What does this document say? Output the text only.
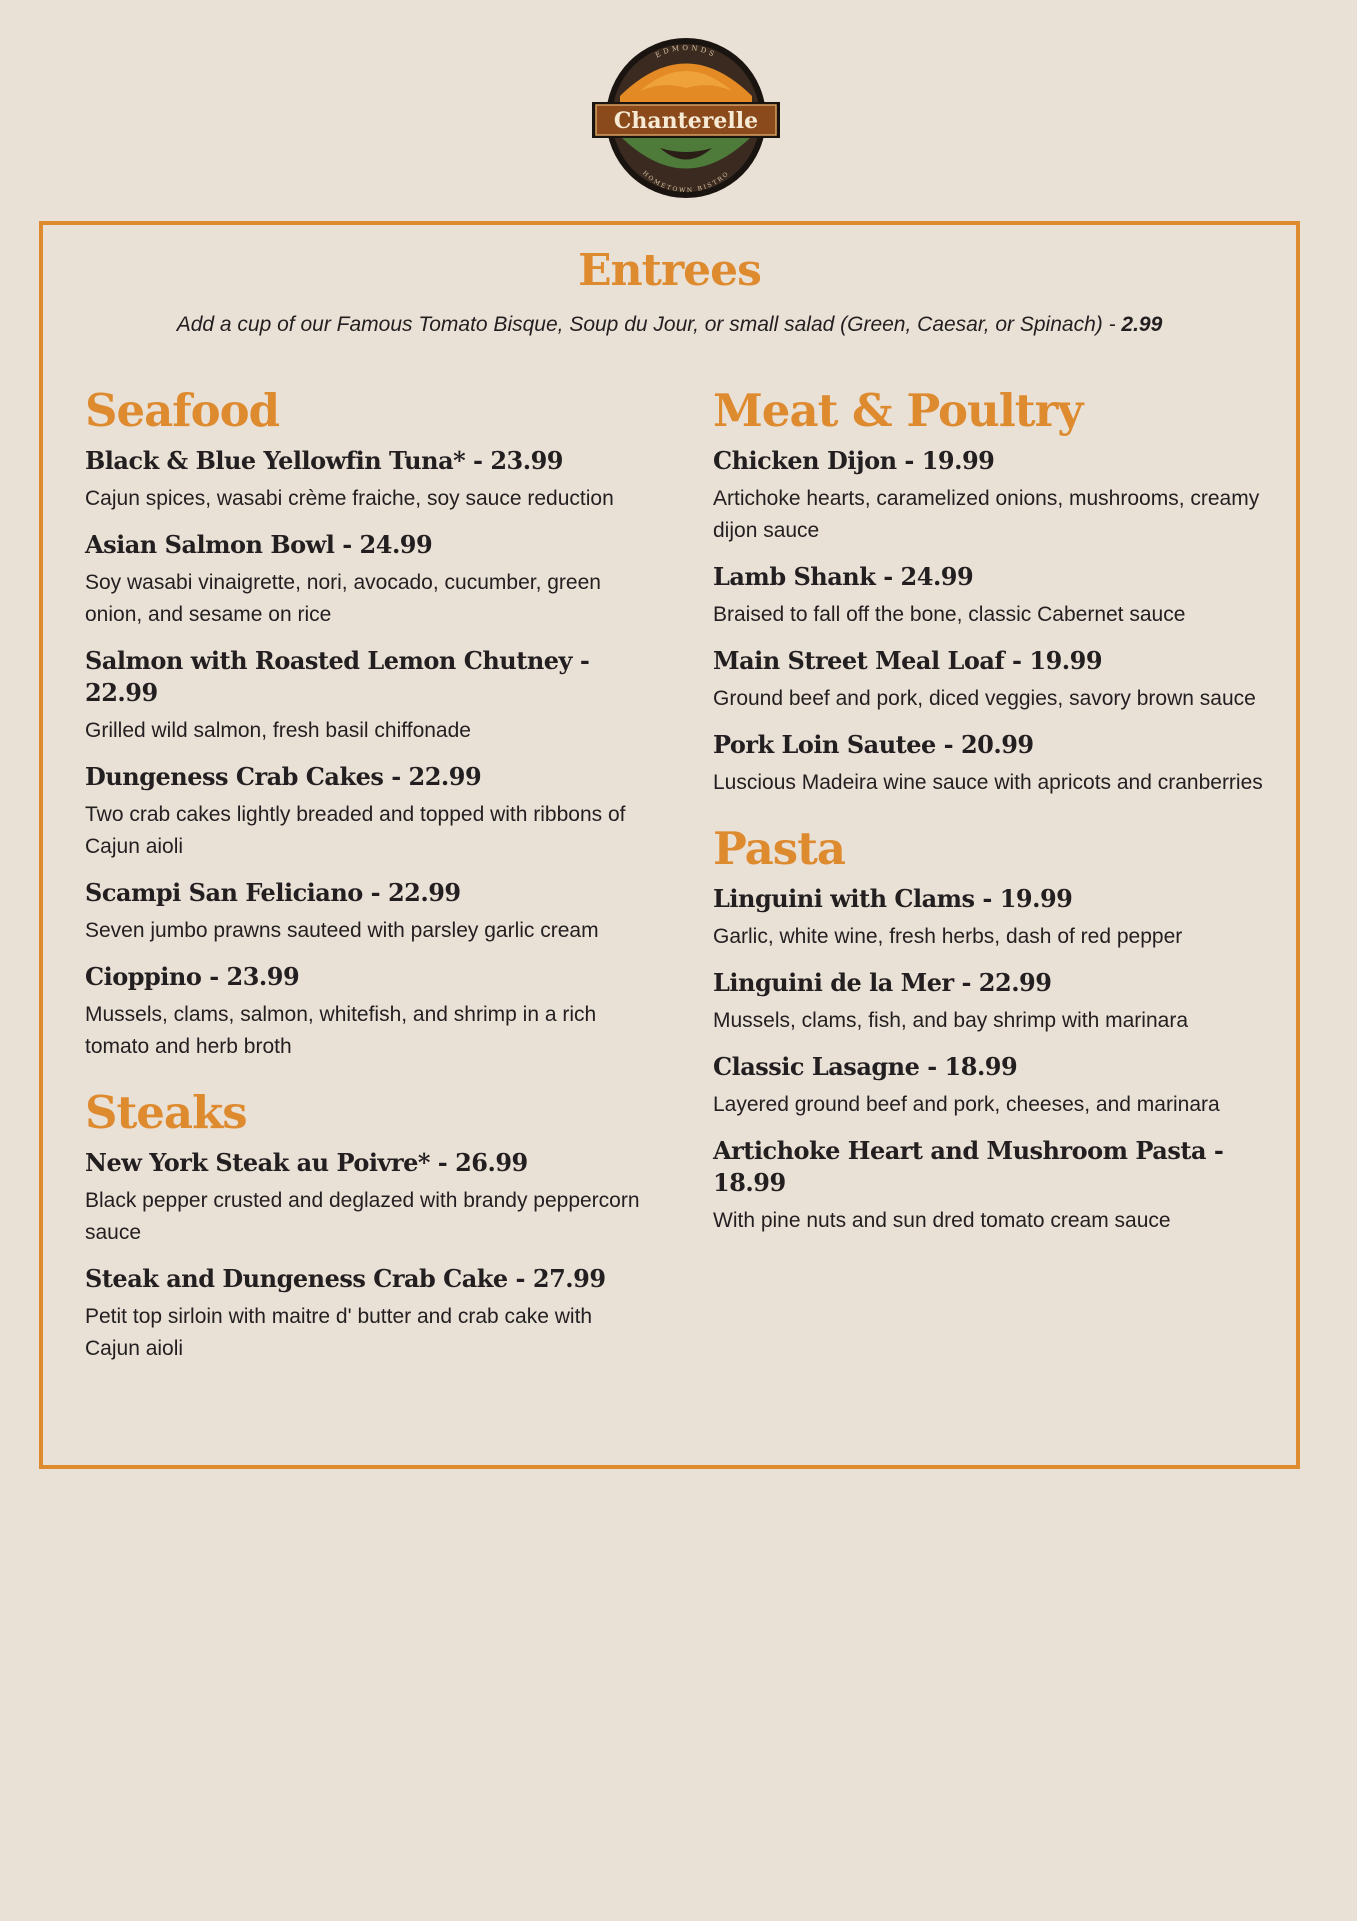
Chanterelle
EDMONDS
HOMETOWN BISTRO
Entrees
Add a cup of our Famous Tomato Bisque, Soup du Jour, or small salad (Green, Caesar, or Spinach) - 2.99
Seafood
Black & Blue Yellowfin Tuna* - 23.99
Cajun spices, wasabi crème fraiche, soy sauce reduction
Asian Salmon Bowl - 24.99
Soy wasabi vinaigrette, nori, avocado, cucumber, green onion, and sesame on rice
Salmon with Roasted Lemon Chutney - 22.99
Grilled wild salmon, fresh basil chiffonade
Dungeness Crab Cakes - 22.99
Two crab cakes lightly breaded and topped with ribbons of Cajun aioli
Scampi San Feliciano - 22.99
Seven jumbo prawns sauteed with parsley garlic cream
Cioppino - 23.99
Mussels, clams, salmon, whitefish, and shrimp in a rich tomato and herb broth
Steaks
New York Steak au Poivre* - 26.99
Black pepper crusted and deglazed with brandy peppercorn sauce
Steak and Dungeness Crab Cake - 27.99
Petit top sirloin with maitre d' butter and crab cake with Cajun aioli
Meat & Poultry
Chicken Dijon - 19.99
Artichoke hearts, caramelized onions, mushrooms, creamy dijon sauce
Lamb Shank - 24.99
Braised to fall off the bone, classic Cabernet sauce
Main Street Meal Loaf - 19.99
Ground beef and pork, diced veggies, savory brown sauce
Pork Loin Sautee - 20.99
Luscious Madeira wine sauce with apricots and cranberries
Pasta
Linguini with Clams - 19.99
Garlic, white wine, fresh herbs, dash of red pepper
Linguini de la Mer - 22.99
Mussels, clams, fish, and bay shrimp with marinara
Classic Lasagne - 18.99
Layered ground beef and pork, cheeses, and marinara
Artichoke Heart and Mushroom Pasta - 18.99
With pine nuts and sun dred tomato cream sauce
